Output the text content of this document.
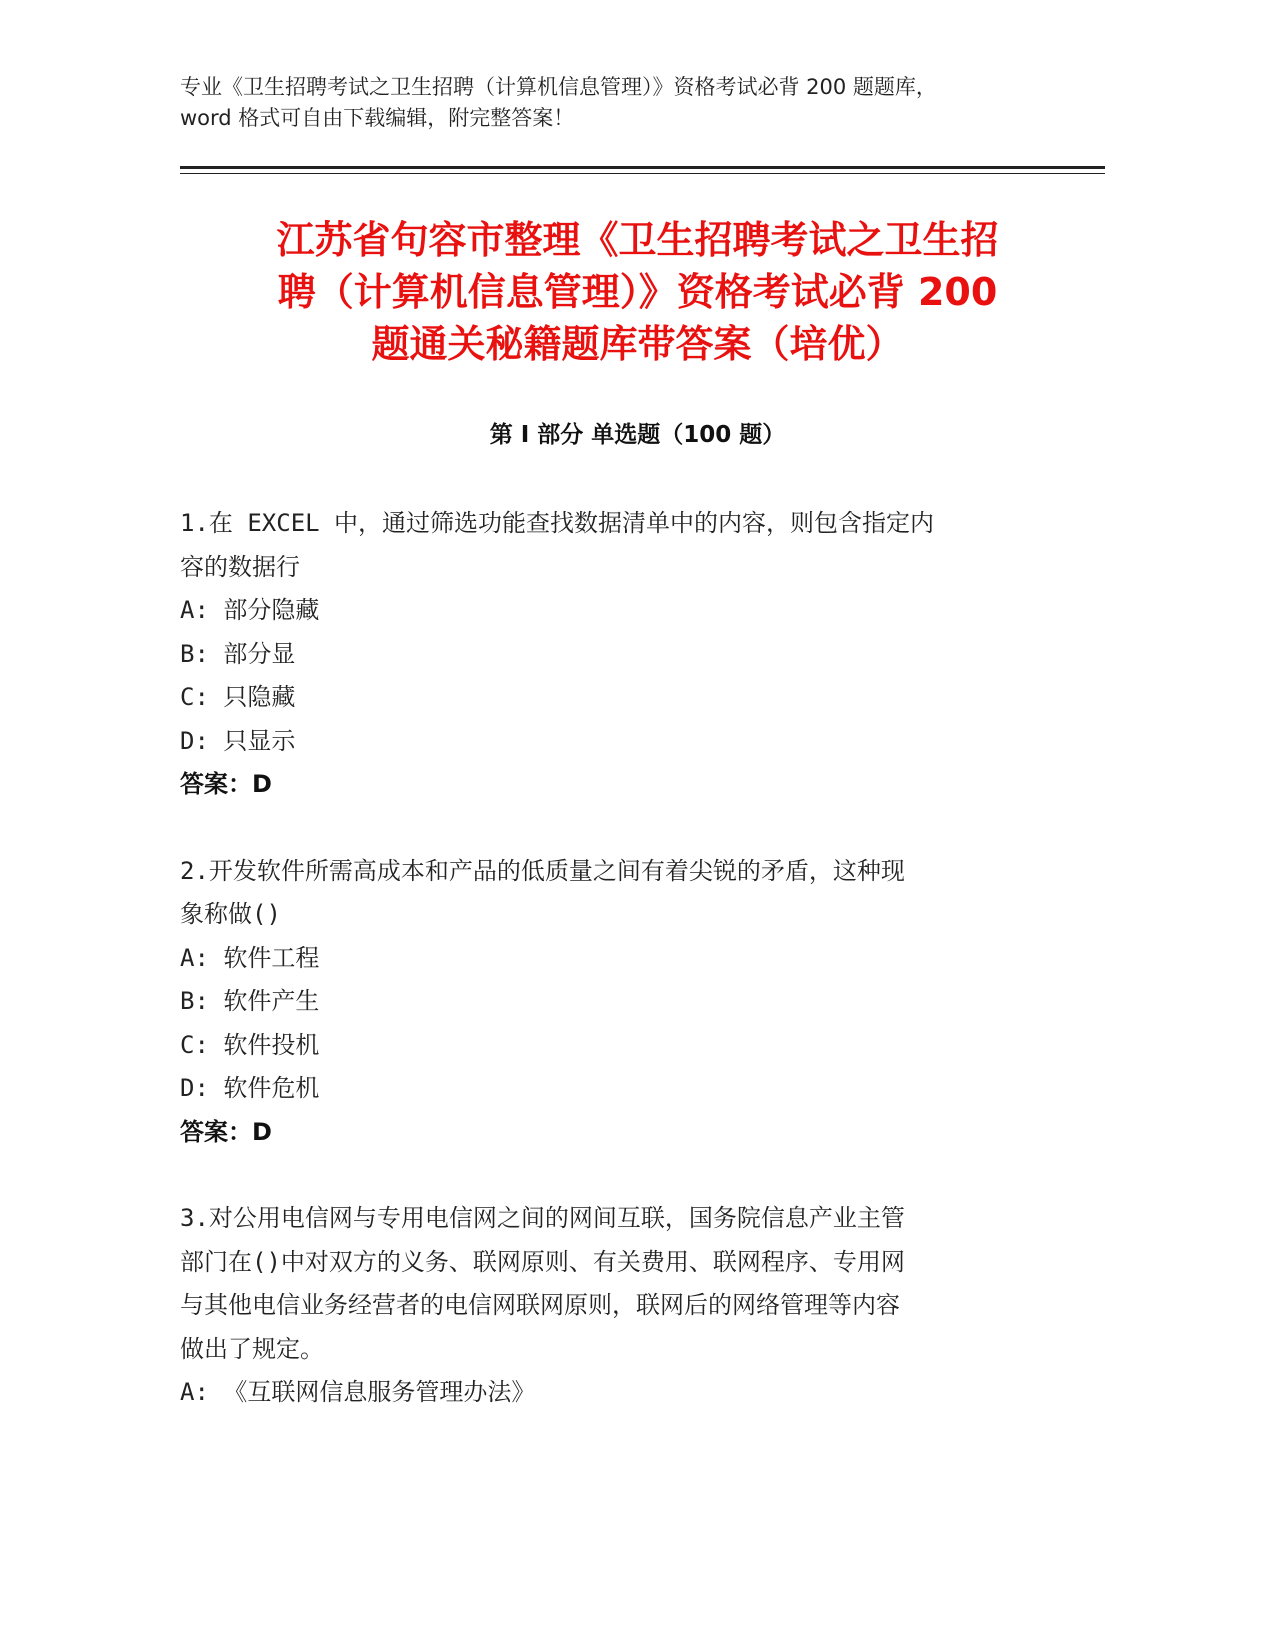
专业《卫生招聘考试之卫生招聘（计算机信息管理）》资格考试必背 200 题题库，
word 格式可自由下载编辑，附完整答案！
江苏省句容市整理《卫生招聘考试之卫生招
聘（计算机信息管理）》资格考试必背 200
题通关秘籍题库带答案（培优）
第 I 部分 单选题（100 题）
1.在 EXCEL 中，通过筛选功能查找数据清单中的内容，则包含指定内
容的数据行
A: 部分隐藏
B: 部分显
C: 只隐藏
D: 只显示
答案：D
2.开发软件所需高成本和产品的低质量之间有着尖锐的矛盾，这种现
象称做()
A: 软件工程
B: 软件产生
C: 软件投机
D: 软件危机
答案：D
3.对公用电信网与专用电信网之间的网间互联，国务院信息产业主管
部门在()中对双方的义务、联网原则、有关费用、联网程序、专用网
与其他电信业务经营者的电信网联网原则，联网后的网络管理等内容
做出了规定。
A: 《互联网信息服务管理办法》
